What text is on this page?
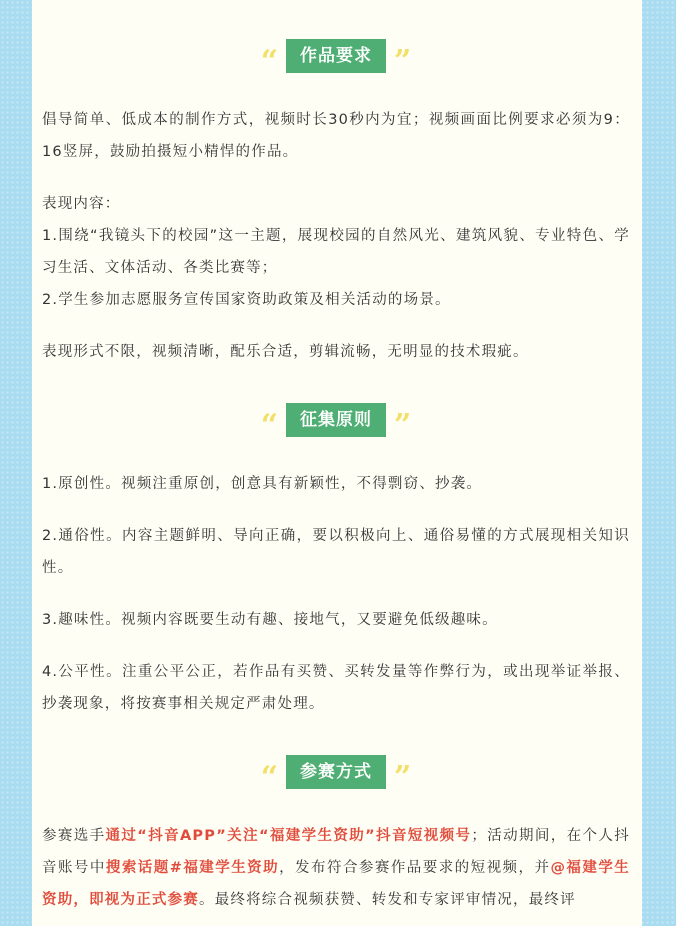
“	作品要求 ”

倡导简单、低成本的制作方式，视频时长30秒内为宜；视频画面比例要求必须为9：16竖屏，鼓励拍摄短小精悍的作品。

表现内容：

1.围绕“我镜头下的校园”这一主题，展现校园的自然风光、建筑风貌、专业特色、学习生活、文体活动、各类比赛等；

2.学生参加志愿服务宣传国家资助政策及相关活动的场景。

表现形式不限，视频清晰，配乐合适，剪辑流畅，无明显的技术瑕疵。

“	征集原则 ”

1.原创性。视频注重原创，创意具有新颖性，不得剽窃、抄袭。

2.通俗性。内容主题鲜明、导向正确，要以积极向上、通俗易懂的方式展现相关知识性。

3.趣味性。视频内容既要生动有趣、接地气，又要避免低级趣味。

4.公平性。注重公平公正，若作品有买赞、买转发量等作弊行为，或出现举证举报、抄袭现象，将按赛事相关规定严肃处理。

“	参赛方式 ”

参赛选手通过“抖音APP”关注“福建学生资助”抖音短视频号；活动期间，在个人抖音账号中搜索话题#福建学生资助，发布符合参赛作品要求的短视频，并@福建学生资助，即视为正式参赛。最终将综合视频获赞、转发和专家评审情况，最终评
